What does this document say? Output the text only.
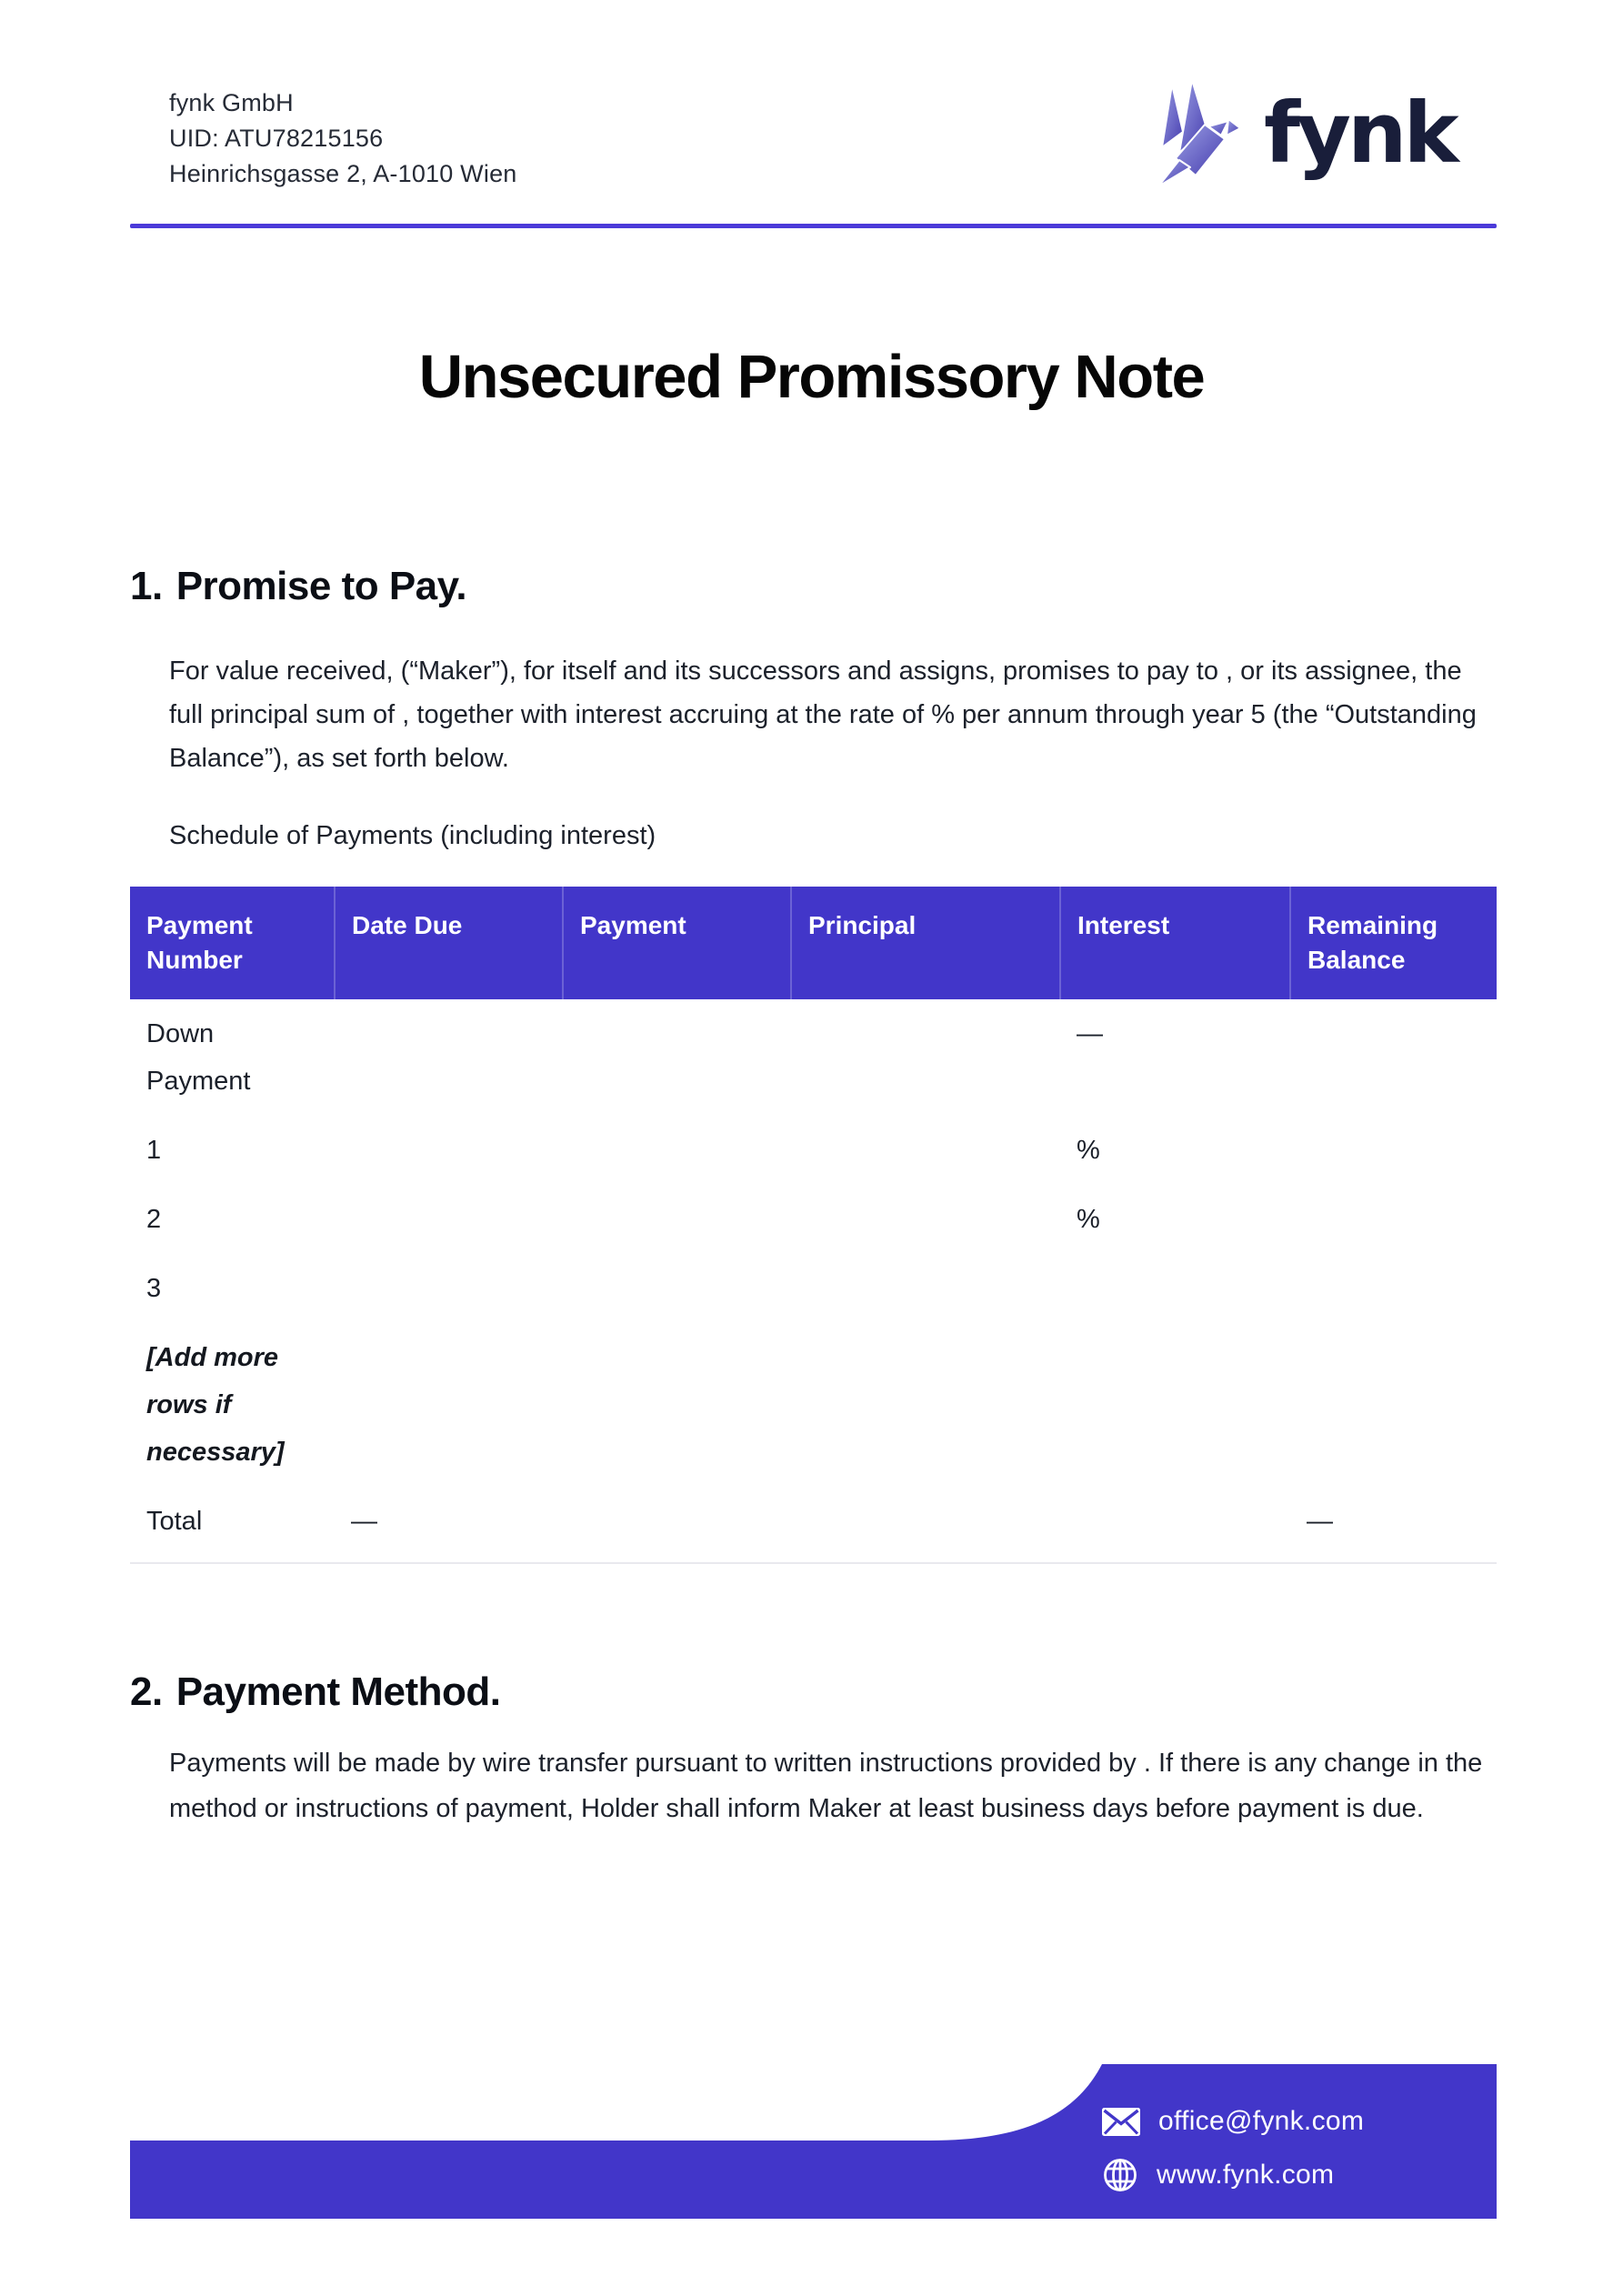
fynk GmbH
UID: ATU78215156
Heinrichsgasse 2, A-1010 Wien	fynk
Unsecured Promissory Note
1. Promise to Pay.

For value received, (“Maker”), for itself and its successors and assigns, promises to pay to , or its assignee, the full principal sum of , together with interest accruing at the rate of % per annum through year 5 (the “Outstanding Balance”), as set forth below.

Schedule of Payments (including interest)

Payment Number	Date Due	Payment	Principal	Interest	Remaining Balance
Down Payment				—	
1				%	
2				%	
3					
[Add more rows if necessary]					
Total	—				—
2. Payment Method.

Payments will be made by wire transfer pursuant to written instructions provided by . If there is any change in the method or instructions of payment, Holder shall inform Maker at least business days before payment is due.

office@fynk.com
www.fynk.com
